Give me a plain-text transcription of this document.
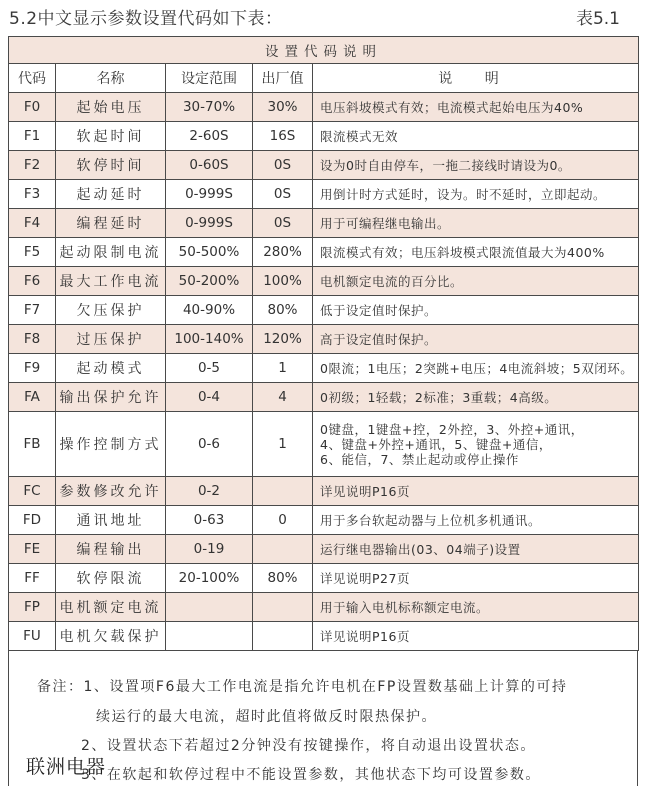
5.2中文显示参数设置代码如下表：	表5.1
设置代码说明				
代码	名称	设定范围	出厂值	说 明
F0	起始电压	30-70%	30%	电压斜坡模式有效；电流模式起始电压为40%
F1	软起时间	2-60S	16S	限流模式无效
F2	软停时间	0-60S	0S	设为0时自由停车，一拖二接线时请设为0。
F3	起动延时	0-999S	0S	用倒计时方式延时，设为。时不延时，立即起动。
F4	编程延时	0-999S	0S	用于可编程继电输出。
F5	起动限制电流	50-500%	280%	限流模式有效；电压斜坡模式限流值最大为400%
F6	最大工作电流	50-200%	100%	电机额定电流的百分比。
F7	欠压保护	40-90%	80%	低于设定值时保护。
F8	过压保护	100-140%	120%	高于设定值时保护。
F9	起动模式	0-5	1	0限流；1电压；2突跳+电压；4电流斜坡；5双闭环。
FA	输出保护允许	0-4	4	0初级；1轻载；2标准；3重载；4高级。
FB	操作控制方式	0-6	1	0键盘，1键盘+控，2外控，3、外控+通讯，
4、键盘+外控+通讯，5、键盘+通信，
6、能信，7、禁止起动或停止操作

FC	参数修改允许	0-2		详见说明P16页
FD	通讯地址	0-63	0	用于多台软起动器与上位机多机通讯。
FE	编程输出	0-19		运行继电器输出(03、04端子)设置
FF	软停限流	20-100%	80%	详见说明P27页
FP	电机额定电流			用于输入电机标称额定电流。
FU	电机欠载保护			详见说明P16页
备注：1、设置项F6最大工作电流是指允许电机在FP设置数基础上计算的可持
续运行的最大电流，超时此值将做反时限热保护。
2、设置状态下若超过2分钟没有按键操作，将自动退出设置状态。
3、在软起和软停过程中不能设置参数，其他状态下均可设置参数。
联洲电器
